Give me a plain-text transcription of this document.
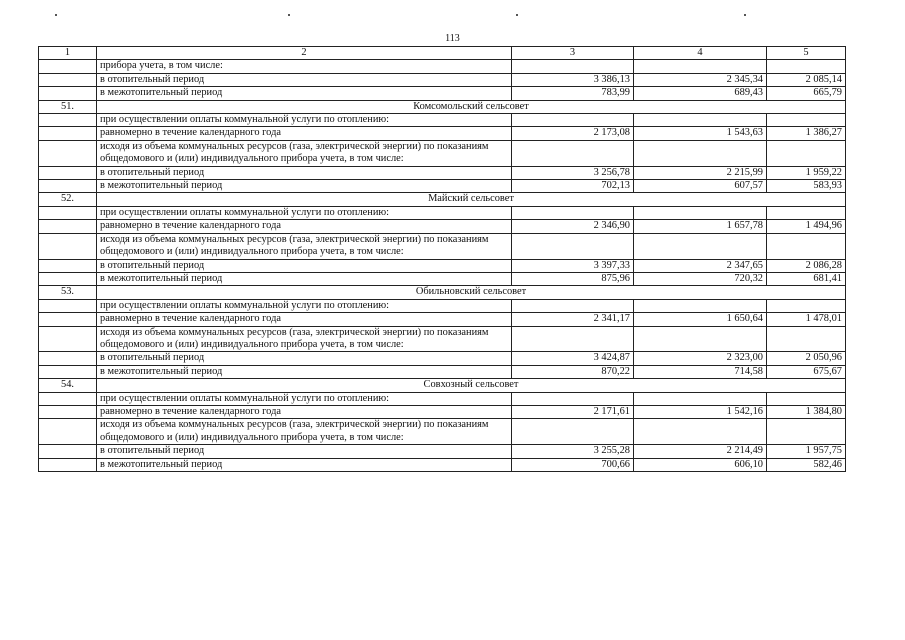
113
1	2	3	4	5
	прибора учета, в том числе:			
	в отопительный период	3 386,13	2 345,34	2 085,14
	в межотопительный период	783,99	689,43	665,79
51.	Комсомольский сельсовет			
	при осуществлении оплаты коммунальной услуги по отоплению:			
	равномерно в течение календарного года	2 173,08	1 543,63	1 386,27
	исходя из объема коммунальных ресурсов (газа, электрической энергии) по показаниям общедомового и (или) индивидуального прибора учета, в том числе:			
	в отопительный период	3 256,78	2 215,99	1 959,22
	в межотопительный период	702,13	607,57	583,93
52.	Майский сельсовет			
	при осуществлении оплаты коммунальной услуги по отоплению:			
	равномерно в течение календарного года	2 346,90	1 657,78	1 494,96
	исходя из объема коммунальных ресурсов (газа, электрической энергии) по показаниям общедомового и (или) индивидуального прибора учета, в том числе:			
	в отопительный период	3 397,33	2 347,65	2 086,28
	в межотопительный период	875,96	720,32	681,41
53.	Обильновский сельсовет			
	при осуществлении оплаты коммунальной услуги по отоплению:			
	равномерно в течение календарного года	2 341,17	1 650,64	1 478,01
	исходя из объема коммунальных ресурсов (газа, электрической энергии) по показаниям общедомового и (или) индивидуального прибора учета, в том числе:			
	в отопительный период	3 424,87	2 323,00	2 050,96
	в межотопительный период	870,22	714,58	675,67
54.	Совхозный сельсовет			
	при осуществлении оплаты коммунальной услуги по отоплению:			
	равномерно в течение календарного года	2 171,61	1 542,16	1 384,80
	исходя из объема коммунальных ресурсов (газа, электрической энергии) по показаниям общедомового и (или) индивидуального прибора учета, в том числе:			
	в отопительный период	3 255,28	2 214,49	1 957,75
	в межотопительный период	700,66	606,10	582,46
